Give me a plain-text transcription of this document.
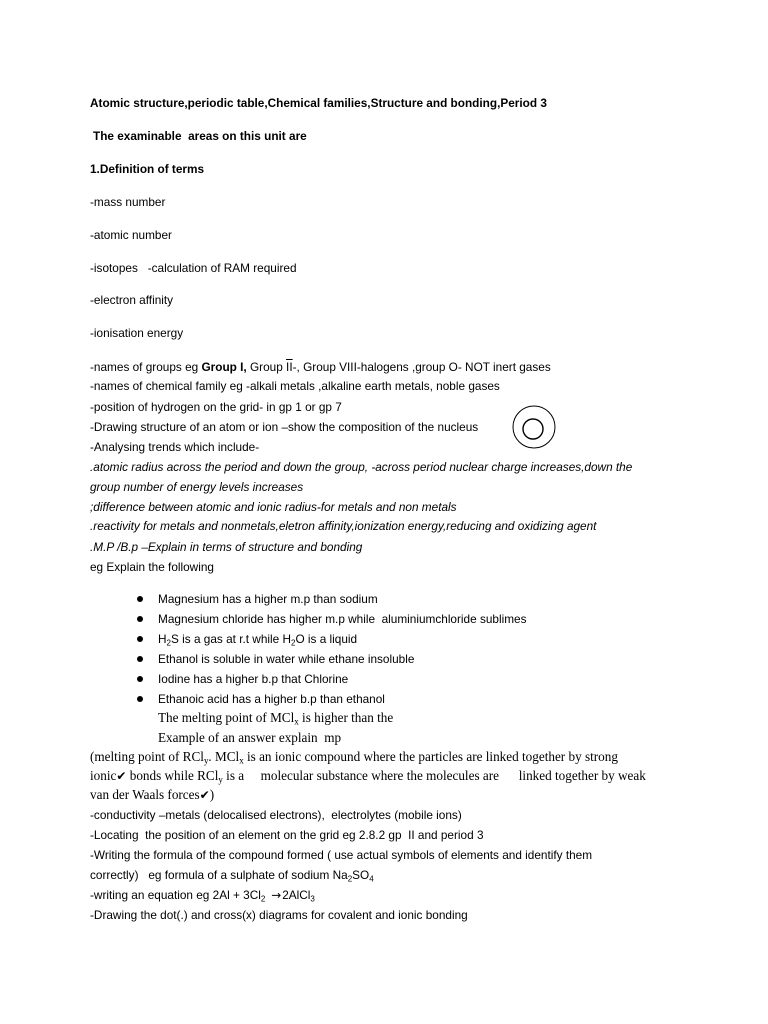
Atomic structure,periodic table,Chemical families,Structure and bonding,Period 3
The examinable  areas on this unit are
1.Definition of terms
-mass number
-atomic number
-isotopes   -calculation of RAM required
-electron affinity
-ionisation energy
-names of groups eg Group I, Group $\overline{II}-$, Group VIII-halogens ,group O- NOT inert gases
-names of chemical family eg -alkali metals ,alkaline earth metals, noble gases
-position of hydrogen on the grid- in gp 1 or gp 7
-Drawing structure of an atom or ion –show the composition of the nucleus
-Analysing trends which include-
.atomic radius across the period and down the group, -across period nuclear charge increases,down the
group number of energy levels increases
;difference between atomic and ionic radius-for metals and non metals
.reactivity for metals and nonmetals,eletron affinity,ionization energy,reducing and oxidizing agent
.M.P /B.p –Explain in terms of structure and bonding
eg Explain the following
Magnesium has a higher m.p than sodium
Magnesium chloride has higher m.p while  aluminiumchloride sublimes
$H_2S$ is a gas at r.t while $H_2O$ is a liquid
Ethanol is soluble in water while ethane insoluble
Iodine has a higher b.p that Chlorine
Ethanoic acid has a higher b.p than ethanol
The melting point of MCl$_x$ is higher than the
Example of an answer explain  mp
(melting point of RCl$_y$. MCl$_x$ is an ionic compound where the particles are linked together by strong
ionic✔ bonds while RCl$_y$ is a     molecular substance where the molecules are      linked together by weak
van der Waals forces✔)
-conductivity –metals (delocalised electrons),  electrolytes (mobile ions)
-Locating  the position of an element on the grid eg 2.8.2 gp  II and period 3
-Writing the formula of the compound formed ( use actual symbols of elements and identify them
correctly)   eg formula of a sulphate of sodium $Na_2SO_4$
-writing an equation eg $2Al + 3Cl_2$ →2AlCl$_3$
-Drawing the dot(.) and cross(x) diagrams for covalent and ionic bonding
